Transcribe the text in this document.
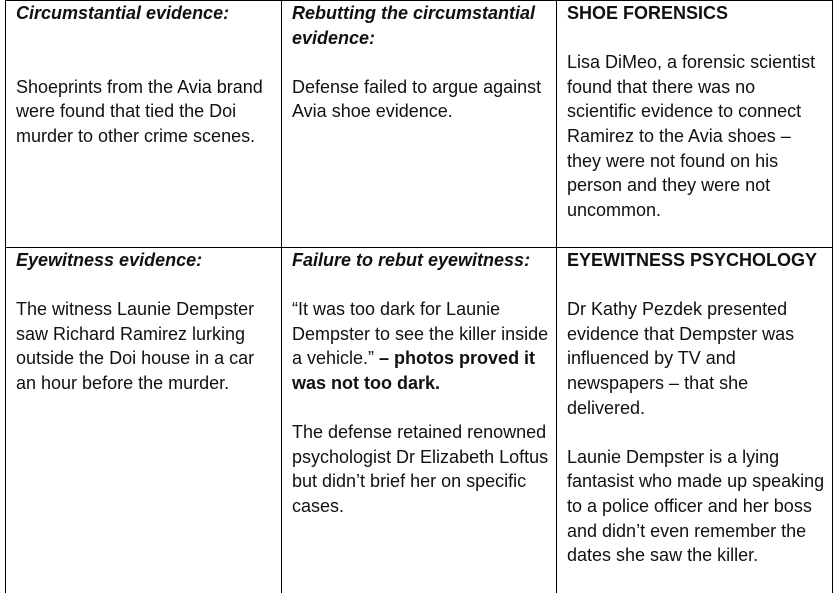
Circumstantial evidence:

Shoeprints from the Avia brand were found that tied the Doi murder to other crime scenes.

Rebutting the circumstantial evidence:

Defense failed to argue against Avia shoe evidence.

SHOE FORENSICS

Lisa DiMeo, a forensic scientist found that there was no scientific evidence to connect Ramirez to the Avia shoes – they were not found on his person and they were not uncommon.

Eyewitness evidence:

The witness Launie Dempster saw Richard Ramirez lurking outside the Doi house in a car an hour before the murder.

Failure to rebut eyewitness:

“It was too dark for Launie Dempster to see the killer inside a vehicle.” – photos proved it was not too dark.

The defense retained renowned psychologist Dr Elizabeth Loftus but didn’t brief her on specific cases.

EYEWITNESS PSYCHOLOGY

Dr Kathy Pezdek presented evidence that Dempster was influenced by TV and newspapers – that she delivered.

Launie Dempster is a lying fantasist who made up speaking to a police officer and her boss and didn’t even remember the dates she saw the killer.
